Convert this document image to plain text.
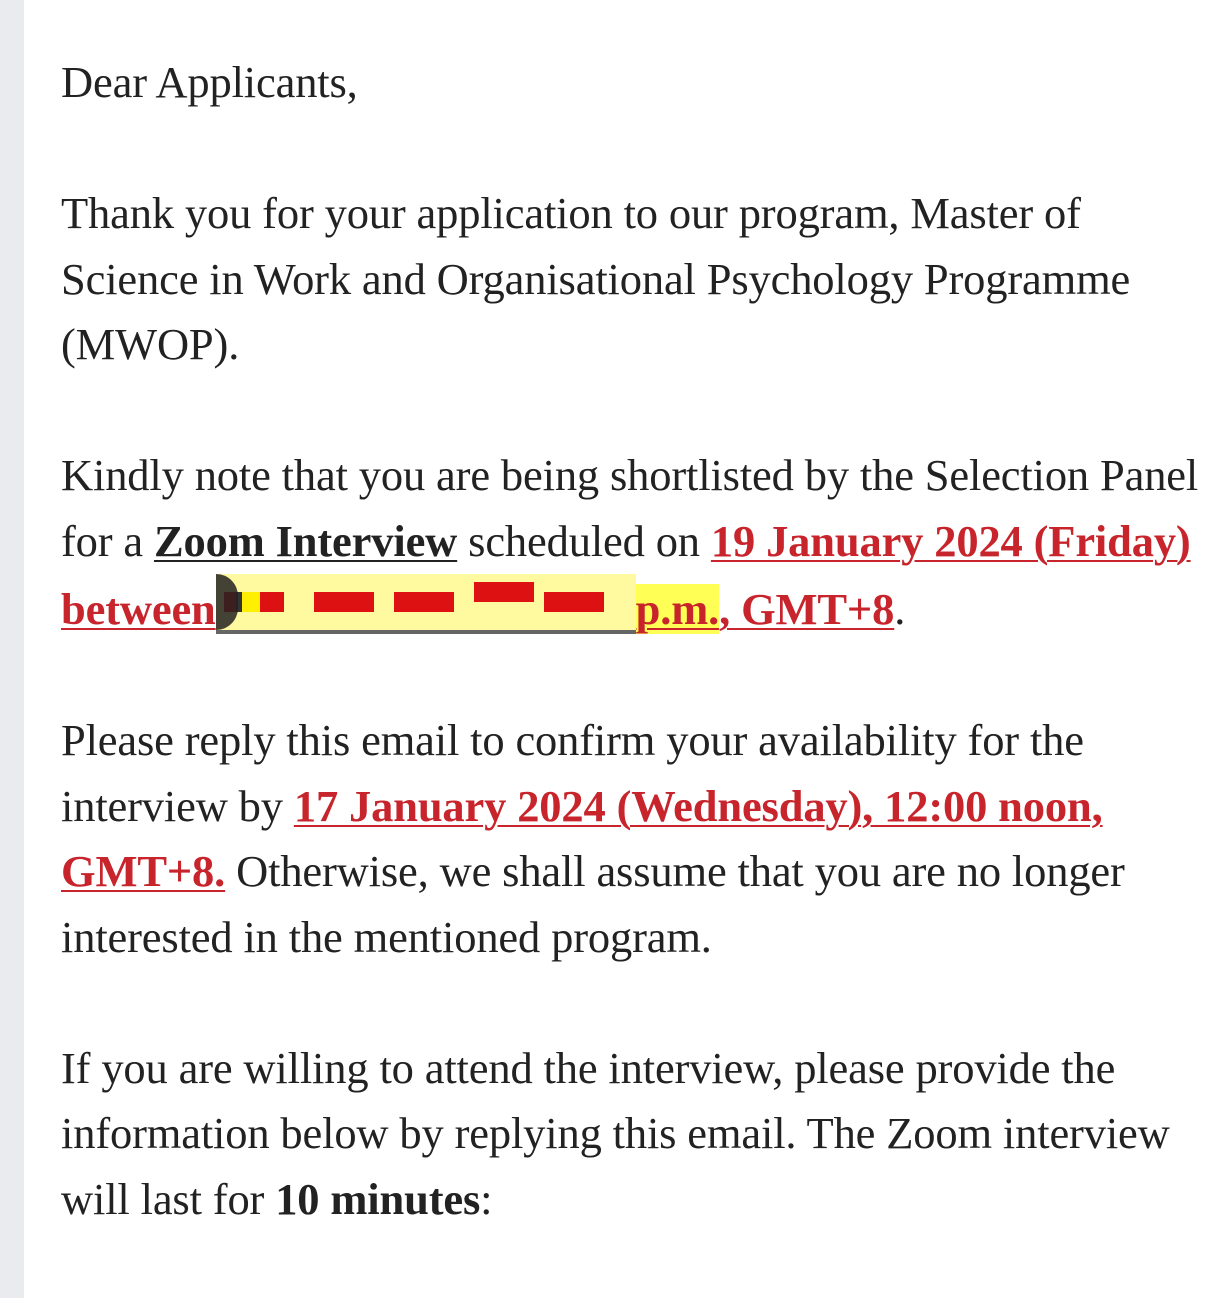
Dear Applicants,

Thank you for your application to our program, Master of Science in Work and Organisational Psychology Programme (MWOP).

Kindly note that you are being shortlisted by the Selection Panel for a Zoom Interview scheduled on 19 January 2024 (Friday) between	p.m., GMT+8.

Please reply this email to confirm your availability for the interview by 17 January 2024 (Wednesday), 12:00 noon, GMT+8. Otherwise, we shall assume that you are no longer interested in the mentioned program.

If you are willing to attend the interview, please provide the information below by replying this email. The Zoom interview will last for 10 minutes:
